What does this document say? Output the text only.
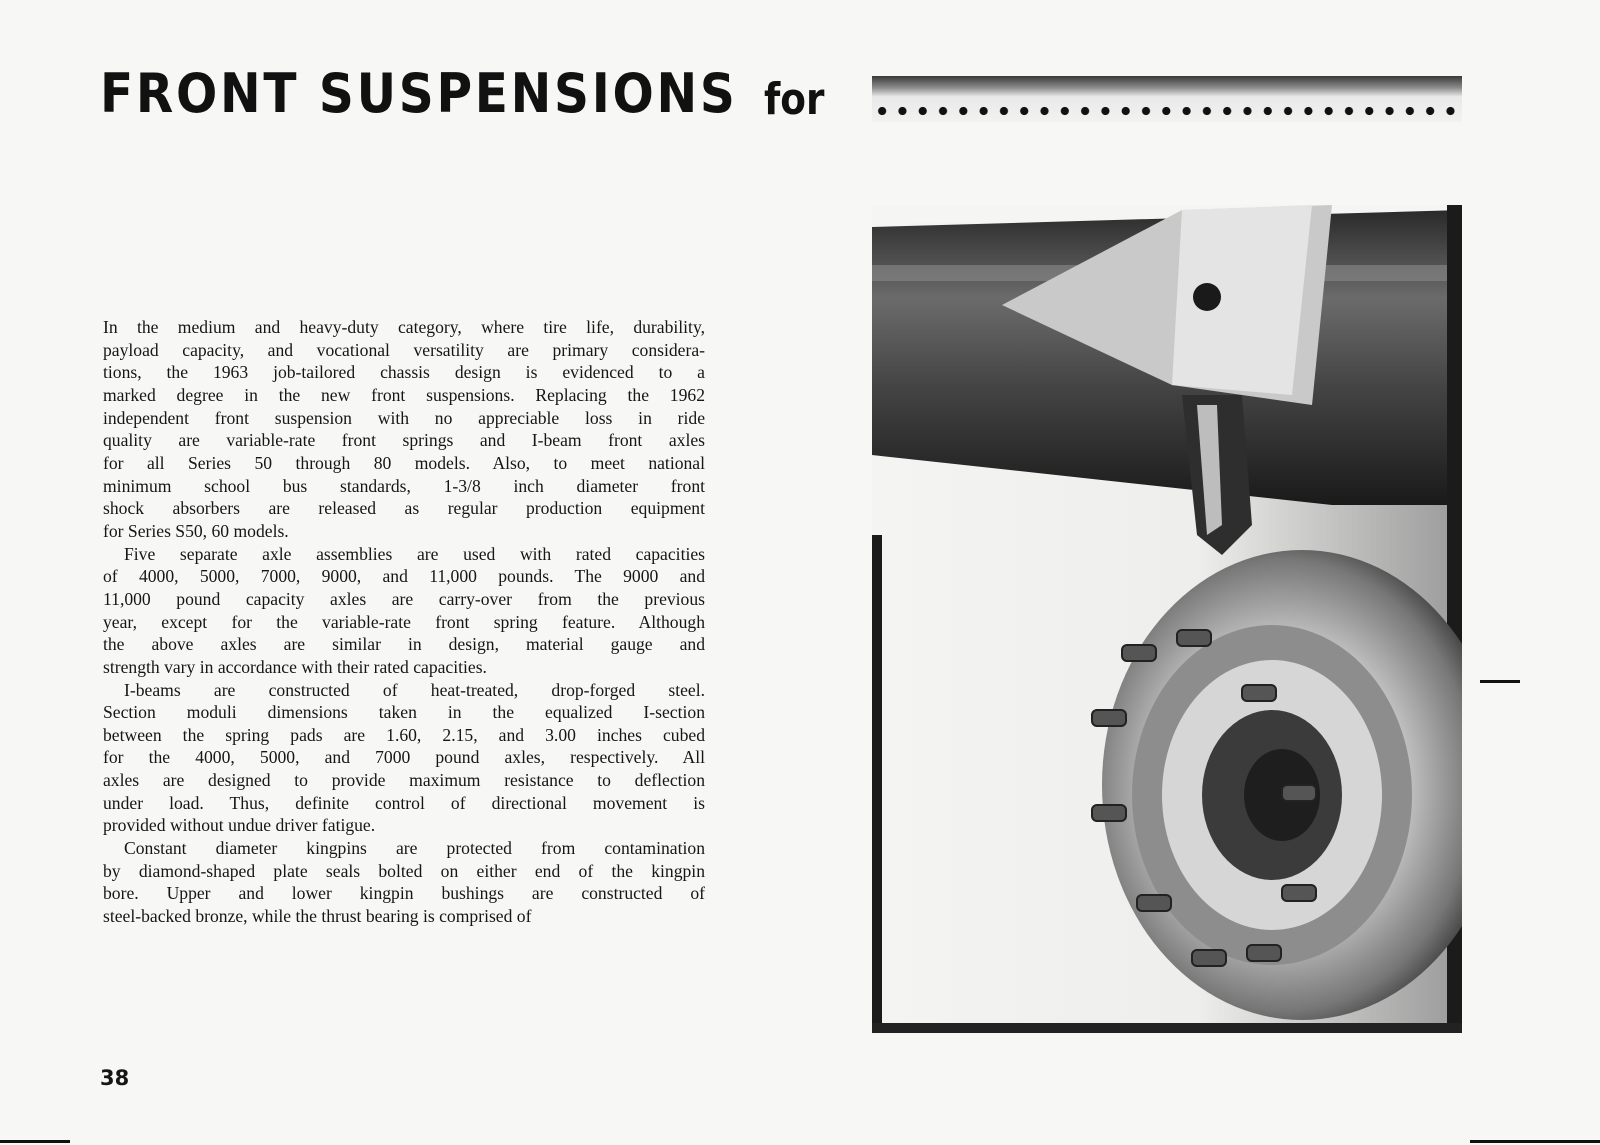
FRONT SUSPENSIONS for
In the medium and heavy-duty category, where tire life, durability,
payload capacity, and vocational versatility are primary considera-
tions, the 1963 job-tailored chassis design is evidenced to a
marked degree in the new front suspensions. Replacing the 1962
independent front suspension with no appreciable loss in ride
quality are variable-rate front springs and I-beam front axles
for all Series 50 through 80 models. Also, to meet national
minimum school bus standards, 1-3/8 inch diameter front
shock absorbers are released as regular production equipment
for Series S50, 60 models.
Five separate axle assemblies are used with rated capacities
of 4000, 5000, 7000, 9000, and 11,000 pounds. The 9000 and
11,000 pound capacity axles are carry-over from the previous
year, except for the variable-rate front spring feature. Although
the above axles are similar in design, material gauge and
strength vary in accordance with their rated capacities.
I-beams are constructed of heat-treated, drop-forged steel.
Section moduli dimensions taken in the equalized I-section
between the spring pads are 1.60, 2.15, and 3.00 inches cubed
for the 4000, 5000, and 7000 pound axles, respectively. All
axles are designed to provide maximum resistance to deflection
under load. Thus, definite control of directional movement is
provided without undue driver fatigue.
Constant diameter kingpins are protected from contamination
by diamond-shaped plate seals bolted on either end of the kingpin
bore. Upper and lower kingpin bushings are constructed of
steel-backed bronze, while the thrust bearing is comprised of
38
